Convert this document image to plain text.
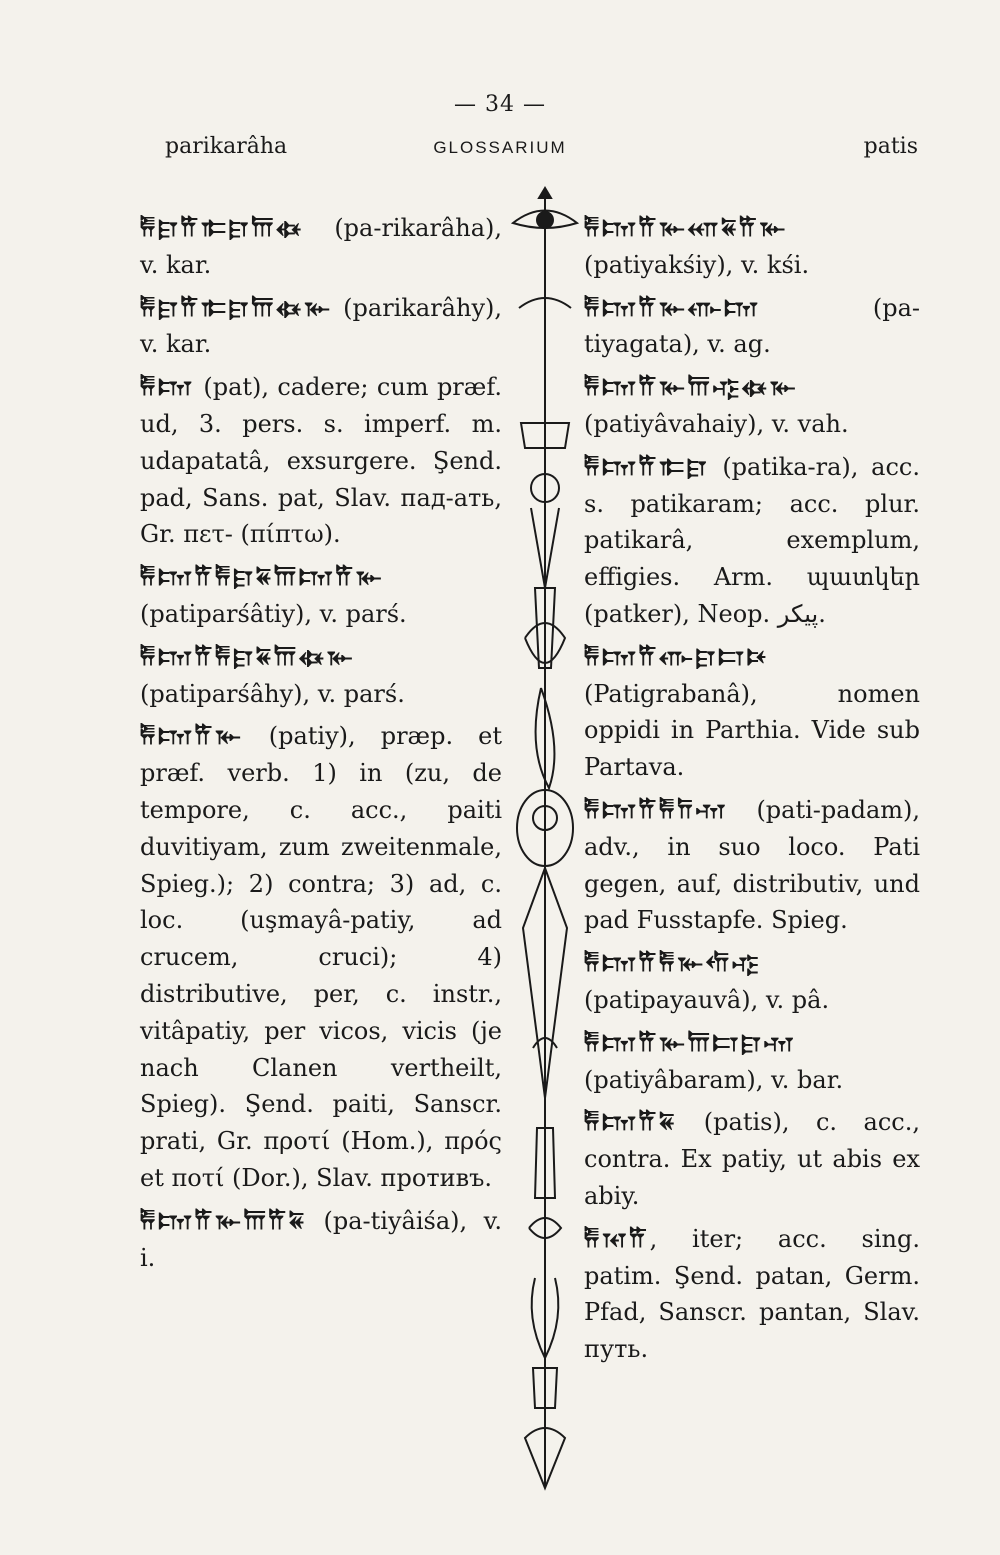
— 34 —
parikarâha	GLOSSARIUM	patis

𐎱𐎼𐎡𐎣𐎼𐎠𐏃 (pa-rikarâha), v. kar.

𐎱𐎼𐎡𐎣𐎼𐎠𐏃𐎹 (parikarâhy), v. kar.

𐎱𐎫 (pat), cadere; cum præf. ud, 3. pers. s. imperf. m. udapatatâ, exsurgere. Şend. pad, Sans. pat, Slav. пад-ать, Gr. πετ- (πίπτω).

𐎱𐎫𐎡𐎱𐎼𐏁𐎠𐎫𐎡𐎹 (patiparśâtiy), v. parś.

𐎱𐎫𐎡𐎱𐎼𐏁𐎠𐏃𐎹 (patiparśâhy), v. parś.

𐎱𐎫𐎡𐎹 (patiy), præp. et præf. verb. 1) in (zu, de tempore, c. acc., paiti duvitiyam, zum zweitenmale, Spieg.); 2) contra; 3) ad, c. loc. (uşmayâ-patiy, ad crucem, cruci); 4) distributive, per, c. instr., vitâpatiy, per vicos, vicis (je nach Clanen vertheilt, Spieg). Şend. paiti, Sanscr. prati, Gr. προτί (Hom.), πρός et ποτί (Dor.), Slav. противъ.

𐎱𐎫𐎡𐎹𐎠𐎡𐏁 (pa-tiyâiśa), v. i.

𐎱𐎫𐎡𐎹𐎧𐏁𐎡𐎹 (patiyakśiy), v. kśi.

𐎱𐎫𐎡𐎹𐎥𐎫	(pa-tiyagata), v. ag.

𐎱𐎫𐎡𐎹𐎠𐎺𐏃𐎹 (patiyâvahaiy), v. vah.

𐎱𐎫𐎡𐎣𐎼 (patika-ra), acc. s. patikaram; acc. plur. patikarâ, exemplum, effigies. Arm. պատկեր (patker), Neop. پیکر.

𐎱𐎫𐎡𐎥𐎼𐎲𐎴 (Patigrabanâ), nomen oppidi in Parthia. Vide sub Partava.

𐎱𐎫𐎡𐎱𐎭𐎶 (pati-padam), adv., in suo loco. Pati gegen, auf, distributiv, und pad Fusstapfe. Spieg.

𐎱𐎫𐎡𐎱𐎹𐎢𐎺 (patipayauvâ), v. pâ.

𐎱𐎫𐎡𐎹𐎠𐎲𐎼𐎶 (patiyâbaram), v. bar.

𐎱𐎫𐎡𐏁 (patis), c. acc., contra. Ex patiy, ut abis ex abiy.

𐎱𐎰𐎡, iter; acc. sing. patim. Şend. patan, Germ. Pfad, Sanscr. pantan, Slav. путь.
